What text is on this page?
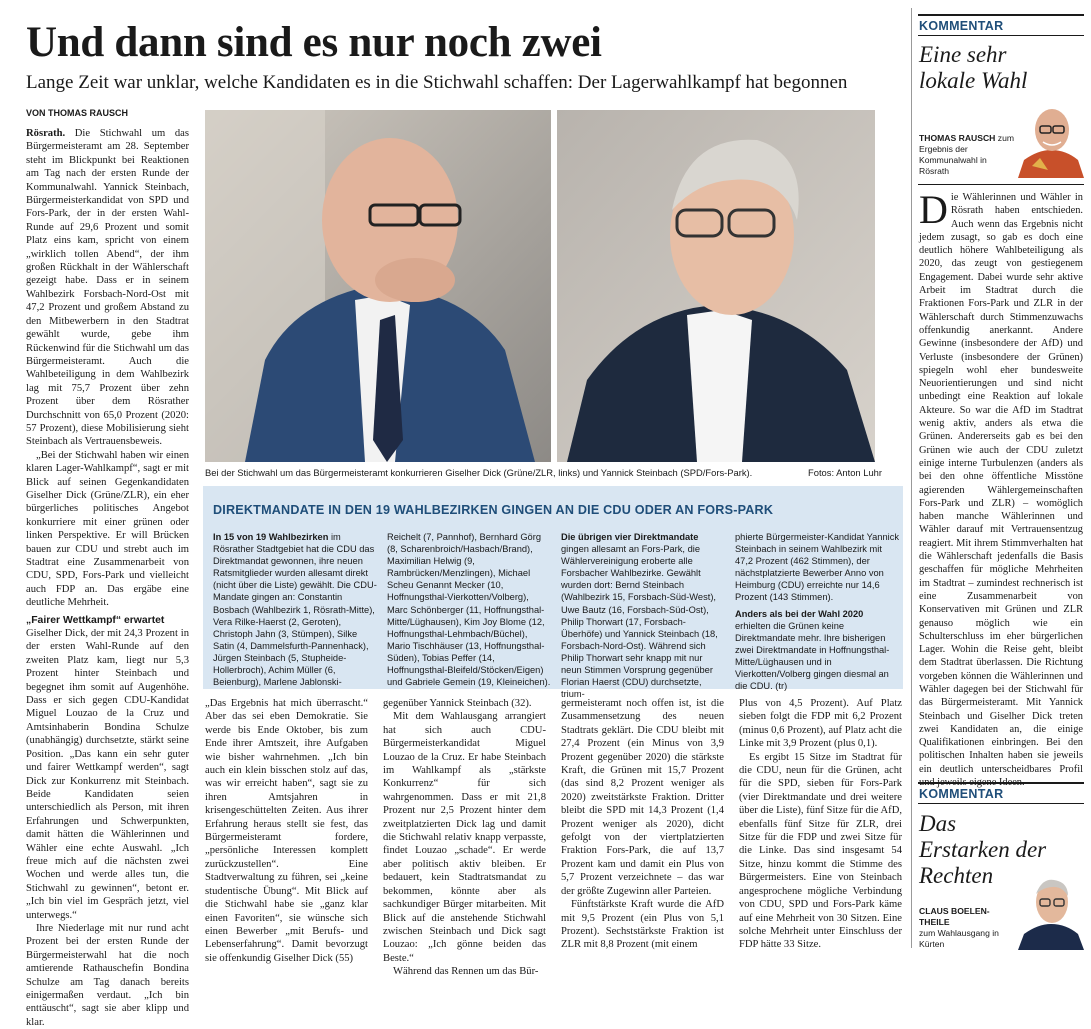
Und dann sind es nur noch zwei
Lange Zeit war unklar, welche Kandidaten es in die Stichwahl schaffen: Der Lagerwahlkampf hat begonnen
VON THOMAS RAUSCH

Rösrath. Die Stichwahl um das Bürgermeisteramt am 28. September steht im Blickpunkt bei Reaktionen am Tag nach der ersten Runde der Kommunalwahl. Yannick Steinbach, Bürgermeisterkandidat von SPD und Fors-Park, der in der ersten Wahl-Runde auf 29,6 Prozent und somit Platz eins kam, spricht von einem „wirklich tollen Abend“, der ihm großen Rückhalt in der Wählerschaft gezeigt habe. Dass er in seinem Wahlbezirk Forsbach-Nord-Ost mit 47,2 Prozent und großem Abstand zu den Mitbewerbern in den Stadtrat gewählt wurde, gebe ihm Rückenwind für die Stichwahl um das Bürgermeisteramt. Auch die Wahlbeteiligung in dem Wahlbezirk lag mit 75,7 Prozent über zehn Prozent über dem Rösrather Durchschnitt von 65,0 Prozent (2020: 57 Prozent), diese Mobilisierung sieht Steinbach als Vertrauensbeweis.

„Bei der Stichwahl haben wir einen klaren Lager-Wahlkampf“, sagt er mit Blick auf seinen Gegenkandidaten Giselher Dick (Grüne/ZLR), ein eher bürgerliches politisches Angebot konkurriere mit einer grünen oder linken Perspektive. Er will Brücken bauen zur CDU und strebt auch im Stadtrat eine Zusammenarbeit von CDU, SPD, Fors-Park und vielleicht auch FDP an. Das ergäbe eine deutliche Mehrheit.

„Fairer Wettkampf“ erwartet

Giselher Dick, der mit 24,3 Prozent in der ersten Wahl-Runde auf den zweiten Platz kam, liegt nur 5,3 Prozent hinter Steinbach und begegnet ihm somit auf Augenhöhe. Dass er sich gegen CDU-Kandidat Miguel Louzao de la Cruz und Amtsinhaberin Bondina Schulze (unabhängig) durchsetzte, stärkt seine Position. „Das kann ein sehr guter und fairer Wettkampf werden“, sagt Dick zur Konkurrenz mit Steinbach. Beide Kandidaten seien unterschiedlich als Person, mit ihren Erfahrungen und Schwerpunkten, damit hätten die Wählerinnen und Wähler eine echte Auswahl. „Ich freue mich auf die nächsten zwei Wochen und werde alles tun, die Stichwahl zu gewinnen“, betont er. „Ich bin viel im Gespräch jetzt, viel unterwegs.“

Ihre Niederlage mit nur rund acht Prozent bei der ersten Runde der Bürgermeisterwahl hat die noch amtierende Rathauschefin Bondina Schulze am Tag danach bereits einigermaßen verdaut. „Ich bin enttäuscht“, sagt sie aber klipp und klar.

Bei der Stichwahl um das Bürgermeisteramt konkurrieren Giselher Dick (Grüne/ZLR, links) und Yannick Steinbach (SPD/Fors-Park).	Fotos: Anton Luhr
DIREKTMANDATE IN DEN 19 WAHLBEZIRKEN GINGEN AN DIE CDU ODER AN FORS-PARK

In 15 von 19 Wahlbezirken im Rösrather Stadtgebiet hat die CDU das Direktmandat gewonnen, ihre neuen Ratsmitglieder wurden allesamt direkt (nicht über die Liste) gewählt. Die CDU-Mandate gingen an: Constantin Bosbach (Wahlbezirk 1, Rösrath-Mitte), Vera Rilke-Haerst (2, Geroten), Christoph Jahn (3, Stümpen), Silke Satin (4, Dammelsfurth-Pannenhack), Jürgen Steinbach (5, Stupheide-Hollerbroch), Achim Müller (6, Beienburg), Marlene Jablonski-

Reichelt (7, Pannhof), Bernhard Görg (8, Scharenbroich/Hasbach/Brand), Maximilian Helwig (9, Rambrücken/Menzlingen), Michael Scheu Genannt Mecker (10, Hoffnungsthal-Vierkotten/Volberg), Marc Schönberger (11, Hoffnungsthal-Mitte/Lüghausen), Kim Joy Blome (12, Hoffnungsthal-Lehmbach/Büchel), Mario Tischhäuser (13, Hoffnungsthal-Süden), Tobias Peffer (14, Hoffnungsthal-Bleifeld/Stöcken/Eigen) und Gabriele Gemein (19, Kleineichen).

Die übrigen vier Direktmandate

gingen allesamt an Fors-Park, die Wählervereinigung eroberte alle Forsbacher Wahlbezirke. Gewählt wurden dort: Bernd Steinbach (Wahlbezirk 15, Forsbach-Süd-West), Uwe Bautz (16, Forsbach-Süd-Ost), Philip Thorwart (17, Forsbach-Überhöfe) und Yannick Steinbach (18, Forsbach-Nord-Ost). Während sich Philip Thorwart sehr knapp mit nur neun Stimmen Vorsprung gegenüber Florian Haerst (CDU) durchsetzte, trium-

phierte Bürgermeister-Kandidat Yannick Steinbach in seinem Wahlbezirk mit 47,2 Prozent (462 Stimmen), der nächstplatzierte Bewerber Anno von Heimburg (CDU) erreichte nur 14,6 Prozent (143 Stimmen).

Anders als bei der Wahl 2020 erhielten die Grünen keine Direktmandate mehr. Ihre bisherigen zwei Direktmandate in Hoffnungsthal-Mitte/Lüghausen und in Vierkotten/Volberg gingen diesmal an die CDU. (tr)

„Das Ergebnis hat mich überrascht.“ Aber das sei eben Demokratie. Sie werde bis Ende Oktober, bis zum Ende ihrer Amtszeit, ihre Aufgaben wie bisher wahrnehmen. „Ich bin auch ein klein bisschen stolz auf das, was wir erreicht haben“, sagt sie zu ihren Amtsjahren in krisengeschüttelten Zeiten. Aus ihrer Erfahrung heraus stellt sie fest, das Bürgermeisteramt fordere, „persönliche Interessen komplett zurückzustellen“. Eine Stadtverwaltung zu führen, sei „keine studentische Übung“. Mit Blick auf die Stichwahl habe sie „ganz klar einen Favoriten“, sie wünsche sich einen Bewerber „mit Berufs- und Lebenserfahrung“. Damit bevorzugt sie offenkundig Giselher Dick (55)

gegenüber Yannick Steinbach (32).

Mit dem Wahlausgang arrangiert hat sich auch CDU-Bürgermeisterkandidat Miguel Louzao de la Cruz. Er habe Steinbach im Wahlkampf als „stärkste Konkurrenz“ für sich wahrgenommen. Dass er mit 21,8 Prozent nur 2,5 Prozent hinter dem zweitplatzierten Dick lag und damit die Stichwahl relativ knapp verpasste, findet Louzao „schade“. Er werde aber politisch aktiv bleiben. Er bedauert, kein Stadtratsmandat zu bekommen, könnte aber als sachkundiger Bürger mitarbeiten. Mit Blick auf die anstehende Stichwahl zwischen Steinbach und Dick sagt Louzao: „Ich gönne beiden das Beste.“

Während das Rennen um das Bür-

germeisteramt noch offen ist, ist die Zusammensetzung des neuen Stadtrats geklärt. Die CDU bleibt mit 27,4 Prozent (ein Minus von 3,9 Prozent gegenüber 2020) die stärkste Kraft, die Grünen mit 15,7 Prozent (das sind 8,2 Prozent weniger als 2020) zweitstärkste Fraktion. Dritter bleibt die SPD mit 14,3 Prozent (1,4 Prozent weniger als 2020), dicht gefolgt von der viertplatzierten Fraktion Fors-Park, die auf 13,7 Prozent kam und damit ein Plus von 5,7 Prozent verzeichnete – das war der größte Zugewinn aller Parteien.

Fünftstärkste Kraft wurde die AfD mit 9,5 Prozent (ein Plus von 5,1 Prozent). Sechststärkste Fraktion ist ZLR mit 8,8 Prozent (mit einem

Plus von 4,5 Prozent). Auf Platz sieben folgt die FDP mit 6,2 Prozent (minus 0,6 Prozent), auf Platz acht die Linke mit 3,9 Prozent (plus 0,1).

Es ergibt 15 Sitze im Stadtrat für die CDU, neun für die Grünen, acht für die SPD, sieben für Fors-Park (vier Direktmandate und drei weitere über die Liste), fünf Sitze für die AfD, ebenfalls fünf Sitze für ZLR, drei Sitze für die FDP und zwei Sitze für die Linke. Das sind insgesamt 54 Sitze, hinzu kommt die Stimme des Bürgermeisters. Eine von Steinbach angesprochene mögliche Verbindung von CDU, SPD und Fors-Park käme auf eine Mehrheit von 30 Sitzen. Eine solche Mehrheit unter Einschluss der FDP hätte 33 Sitze.

KOMMENTAR
Eine sehr lokale Wahl
THOMAS RAUSCH zum Ergebnis der Kommunalwahl in Rösrath

Die Wählerinnen und Wähler in Rösrath haben entschieden. Auch wenn das Ergebnis nicht jedem zusagt, so gab es doch eine deutlich höhere Wahlbeteiligung als 2020, das zeugt von gestiegenem Engagement. Dabei wurde sehr aktive Arbeit im Stadtrat durch die Fraktionen Fors-Park und ZLR in der Wählerschaft durch Stimmenzuwachs offenkundig anerkannt. Andere Gewinne (insbesondere der AfD) und Verluste (insbesondere der Grünen) spiegeln wohl eher bundesweite Neuorientierungen und sind nicht unbedingt eine Reaktion auf lokale Akteure. So war die AfD im Stadtrat wenig aktiv, anders als etwa die Grünen. Andererseits gab es bei den Grünen wie auch der CDU zuletzt einige interne Turbulenzen (anders als bei den ohne öffentliche Misstöne agierenden Wählergemeinschaften Fors-Park und ZLR) – womöglich haben manche Wählerinnen und Wähler darauf mit Vertrauensentzug reagiert. Mit ihrem Stimmverhalten hat die Wählerschaft jedenfalls die Basis geschaffen für mögliche Mehrheiten im Stadtrat – zumindest rechnerisch ist eine Zusammenarbeit von Konservativen mit Grünen und ZLR genauso möglich wie ein Schulterschluss im eher bürgerlichen Lager. Wohin die Reise geht, bleibt dem Stadtrat überlassen. Die Richtung vorgeben können die Wählerinnen und Wähler dagegen bei der Stichwahl für das Bürgermeisteramt. Mit Yannick Steinbach und Giselher Dick treten zwei Kandidaten an, die einige Qualifikationen einbringen. Bei den politischen Inhalten haben sie jeweils ein deutlich unterscheidbares Profil

KOMMENTAR
Das Erstarken der Rechten
CLAUS BOELEN-THEILE
zum Wahlausgang in Kürten
